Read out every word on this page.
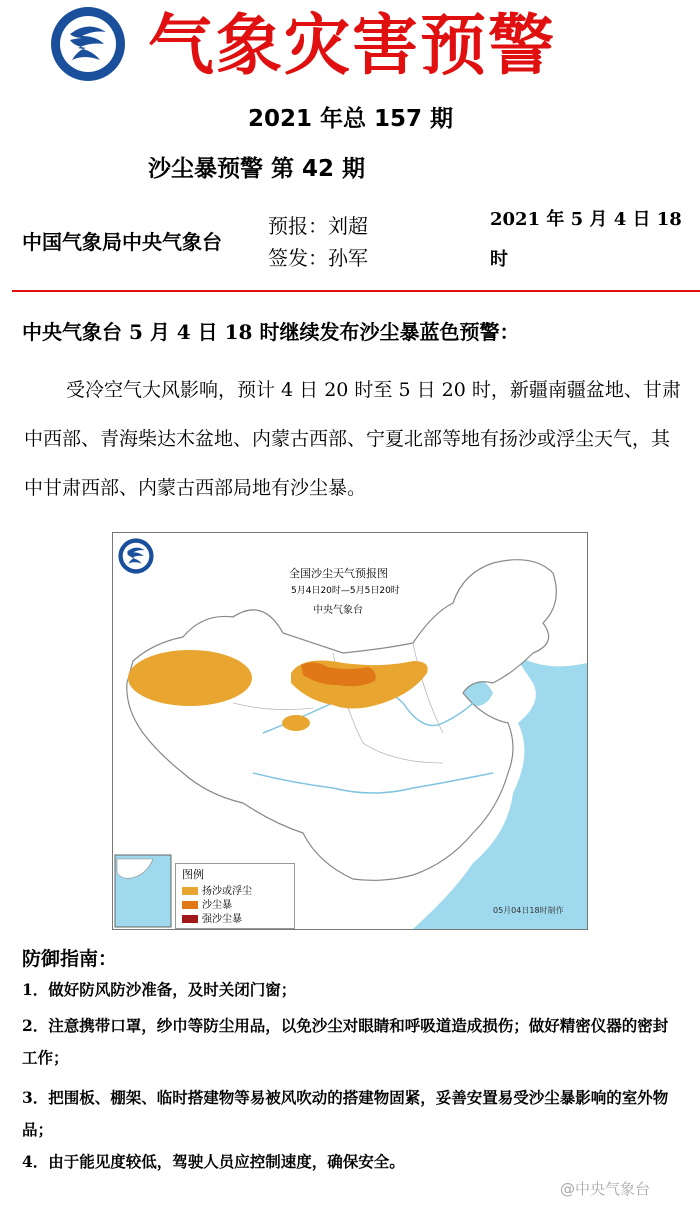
气象灾害预警
2021 年总 157 期
沙尘暴预警 第 42 期
中国气象局中央气象台
预报：刘超
签发：孙军
2021 年 5 月 4 日 18 时
中央气象台 5 月 4 日 18 时继续发布沙尘暴蓝色预警：
受冷空气大风影响，预计 4 日 20 时至 5 日 20 时，新疆南疆盆地、甘肃中西部、青海柴达木盆地、内蒙古西部、宁夏北部等地有扬沙或浮尘天气，其中甘肃西部、内蒙古西部局地有沙尘暴。
全国沙尘天气预报图
5月4日20时—5月5日20时
中央气象台
图例
扬沙或浮尘
沙尘暴
强沙尘暴
05月04日18时制作
防御指南：
1．做好防风防沙准备，及时关闭门窗；
2．注意携带口罩，纱巾等防尘用品，以免沙尘对眼睛和呼吸道造成损伤；做好精密仪器的密封工作；
3．把围板、棚架、临时搭建物等易被风吹动的搭建物固紧，妥善安置易受沙尘暴影响的室外物品；
4．由于能见度较低，驾驶人员应控制速度，确保安全。
@中央气象台
